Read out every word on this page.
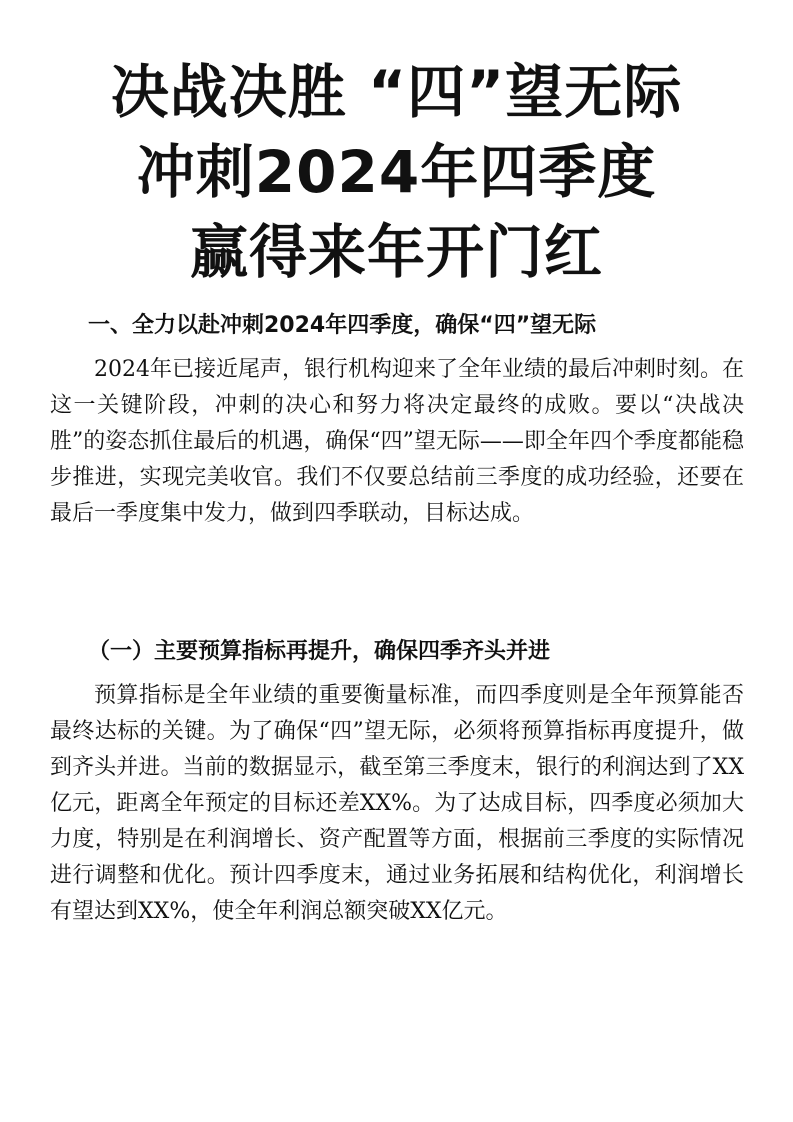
决战决胜 “四”望无际
冲刺2024年四季度
赢得来年开门红
一、全力以赴冲刺2024年四季度，确保“四”望无际

2024年已接近尾声，银行机构迎来了全年业绩的最后冲刺时刻。在这一关键阶段，冲刺的决心和努力将决定最终的成败。要以“决战决胜”的姿态抓住最后的机遇，确保“四”望无际——即全年四个季度都能稳步推进，实现完美收官。我们不仅要总结前三季度的成功经验，还要在最后一季度集中发力，做到四季联动，目标达成。

（一）主要预算指标再提升，确保四季齐头并进

预算指标是全年业绩的重要衡量标准，而四季度则是全年预算能否最终达标的关键。为了确保“四”望无际，必须将预算指标再度提升，做到齐头并进。当前的数据显示，截至第三季度末，银行的利润达到了XX亿元，距离全年预定的目标还差XX%。为了达成目标，四季度必须加大力度，特别是在利润增长、资产配置等方面，根据前三季度的实际情况进行调整和优化。预计四季度末，通过业务拓展和结构优化，利润增长有望达到XX%，使全年利润总额突破XX亿元。
